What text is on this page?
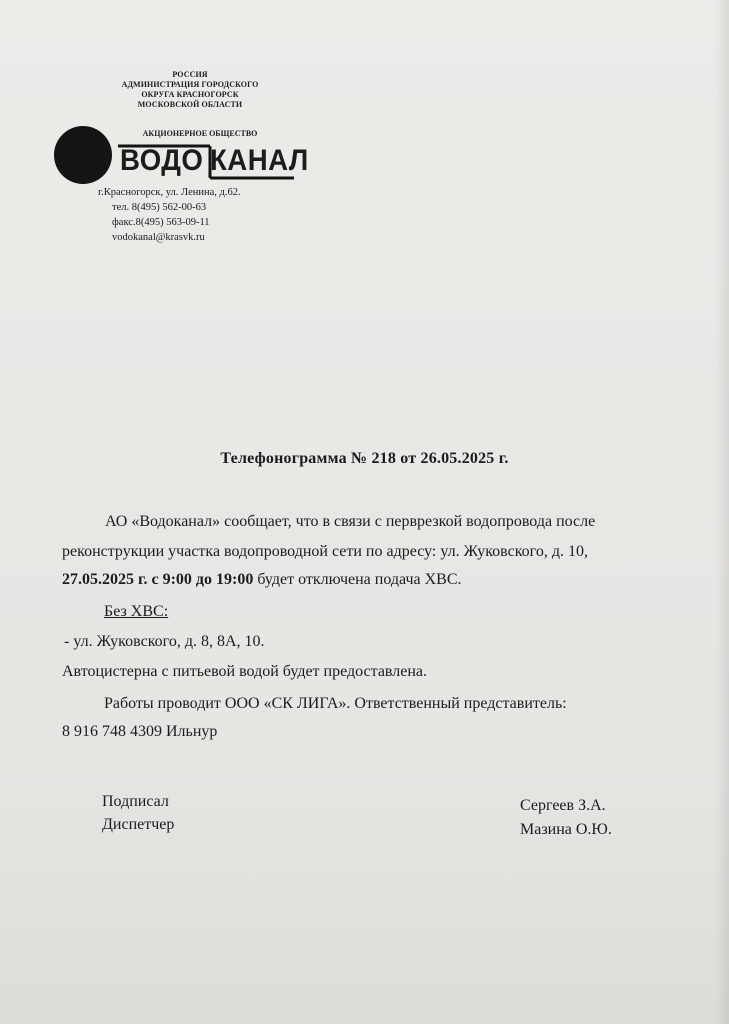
РОССИЯ
АДМИНИСТРАЦИЯ ГОРОДСКОГО
ОКРУГА КРАСНОГОРСК
МОСКОВСКОЙ ОБЛАСТИ
АКЦИОНЕРНОЕ ОБЩЕСТВО
ВОДО КАНАЛ
г.Красногорск, ул. Ленина, д.62.
тел. 8(495) 562-00-63
факс.8(495) 563-09-11
vodokanal@krasvk.ru
Телефонограмма № 218 от 26.05.2025 г.
АО «Водоканал» сообщает, что в связи с перврезкой водопровода после
реконструкции участка водопроводной сети по адресу: ул. Жуковского, д. 10,
27.05.2025 г. с 9:00 до 19:00 будет отключена подача ХВС.
Без ХВС:
- ул. Жуковского, д. 8, 8А, 10.
Автоцистерна с питьевой водой будет предоставлена.
Работы проводит ООО «СК ЛИГА». Ответственный представитель:
8 916 748 4309 Ильнур
Подписал
Диспетчер
Сергеев З.А.
Мазина О.Ю.
